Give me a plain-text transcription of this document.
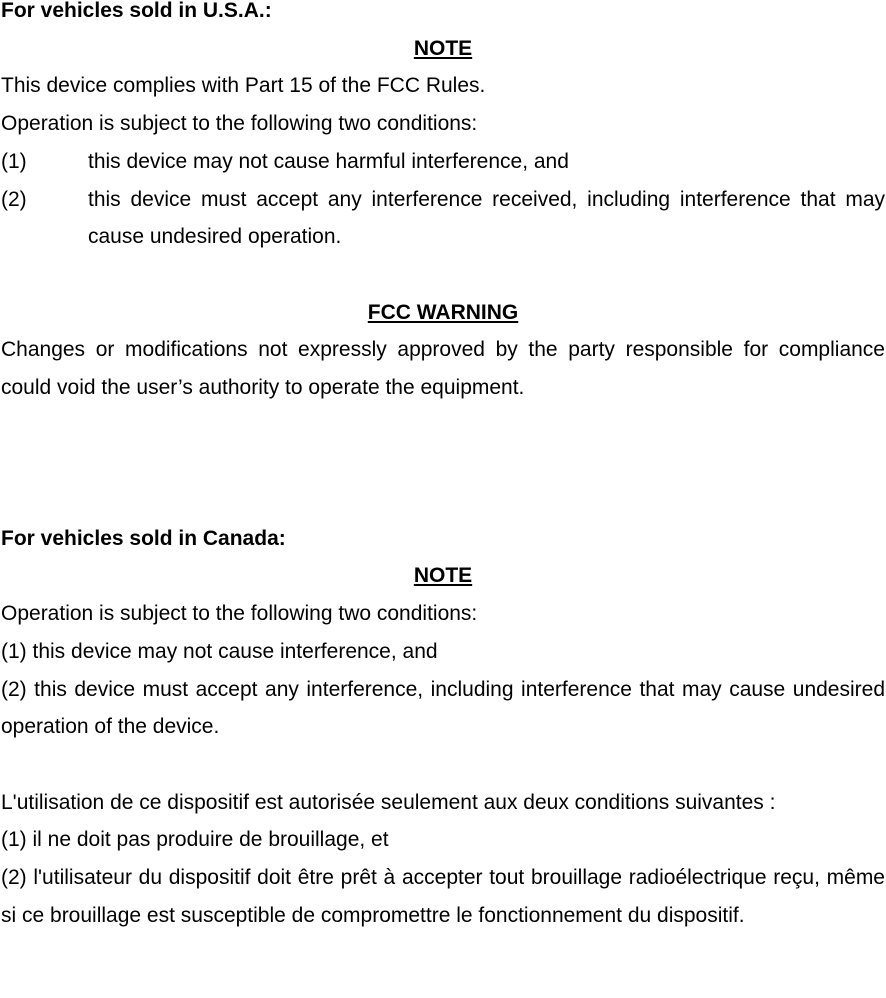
For vehicles sold in U.S.A.:

NOTE

This device complies with Part 15 of the FCC Rules.

Operation is subject to the following two conditions:

(1)	this device may not cause harmful interference, and
(2)	this device must accept any interference received, including interference that may cause undesired operation.

FCC WARNING

Changes or modifications not expressly approved by the party responsible for compliance could void the user’s authority to operate the equipment.

For vehicles sold in Canada:

NOTE

Operation is subject to the following two conditions:

(1) this device may not cause interference, and

(2) this device must accept any interference, including interference that may cause undesired operation of the device.

L'utilisation de ce dispositif est autorisée seulement aux deux conditions suivantes :

(1) il ne doit pas produire de brouillage, et

(2) l'utilisateur du dispositif doit être prêt à accepter tout brouillage radioélectrique reçu, même si ce brouillage est susceptible de compromettre le fonctionnement du dispositif.
